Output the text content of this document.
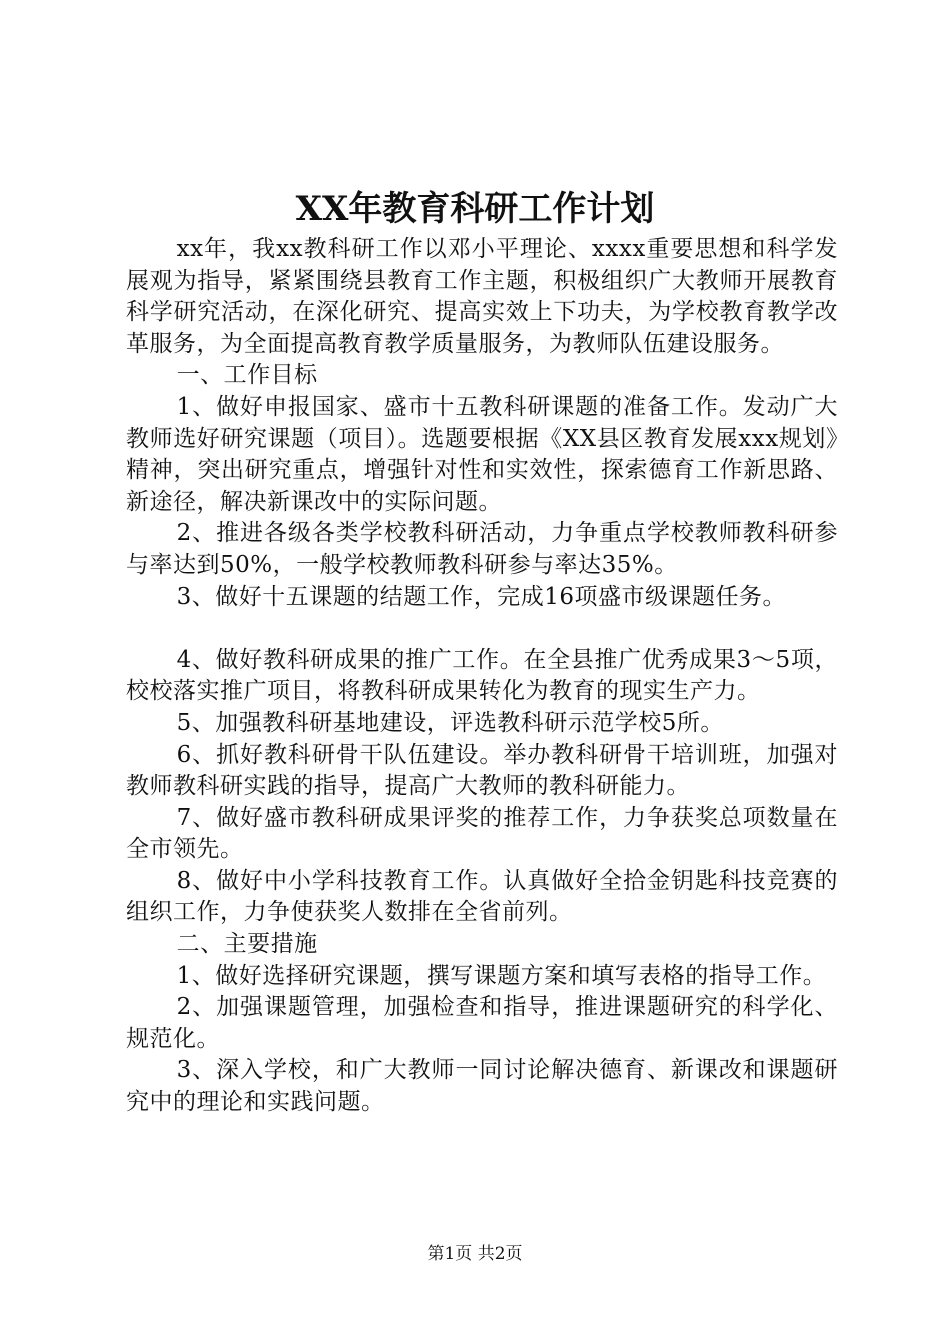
XX年教育科研工作计划

xx年，我xx教科研工作以邓小平理论、xxxx重要思想和科学发展观为指导，紧紧围绕县教育工作主题，积极组织广大教师开展教育科学研究活动，在深化研究、提高实效上下功夫，为学校教育教学改革服务，为全面提高教育教学质量服务，为教师队伍建设服务。

一、工作目标

1、做好申报国家、盛市十五教科研课题的准备工作。发动广大教师选好研究课题（项目）。选题要根据《XX县区教育发展xxx规划》精神，突出研究重点，增强针对性和实效性，探索德育工作新思路、新途径，解决新课改中的实际问题。

2、推进各级各类学校教科研活动，力争重点学校教师教科研参与率达到50%，一般学校教师教科研参与率达35%。

3、做好十五课题的结题工作，完成16项盛市级课题任务。

4、做好教科研成果的推广工作。在全县推广优秀成果3～5项，校校落实推广项目，将教科研成果转化为教育的现实生产力。

5、加强教科研基地建设，评选教科研示范学校5所。

6、抓好教科研骨干队伍建设。举办教科研骨干培训班，加强对教师教科研实践的指导，提高广大教师的教科研能力。

7、做好盛市教科研成果评奖的推荐工作，力争获奖总项数量在全市领先。

8、做好中小学科技教育工作。认真做好全拾金钥匙科技竞赛的组织工作，力争使获奖人数排在全省前列。

二、主要措施

1、做好选择研究课题，撰写课题方案和填写表格的指导工作。

2、加强课题管理，加强检查和指导，推进课题研究的科学化、规范化。

3、深入学校，和广大教师一同讨论解决德育、新课改和课题研究中的理论和实践问题。

第1页 共2页
